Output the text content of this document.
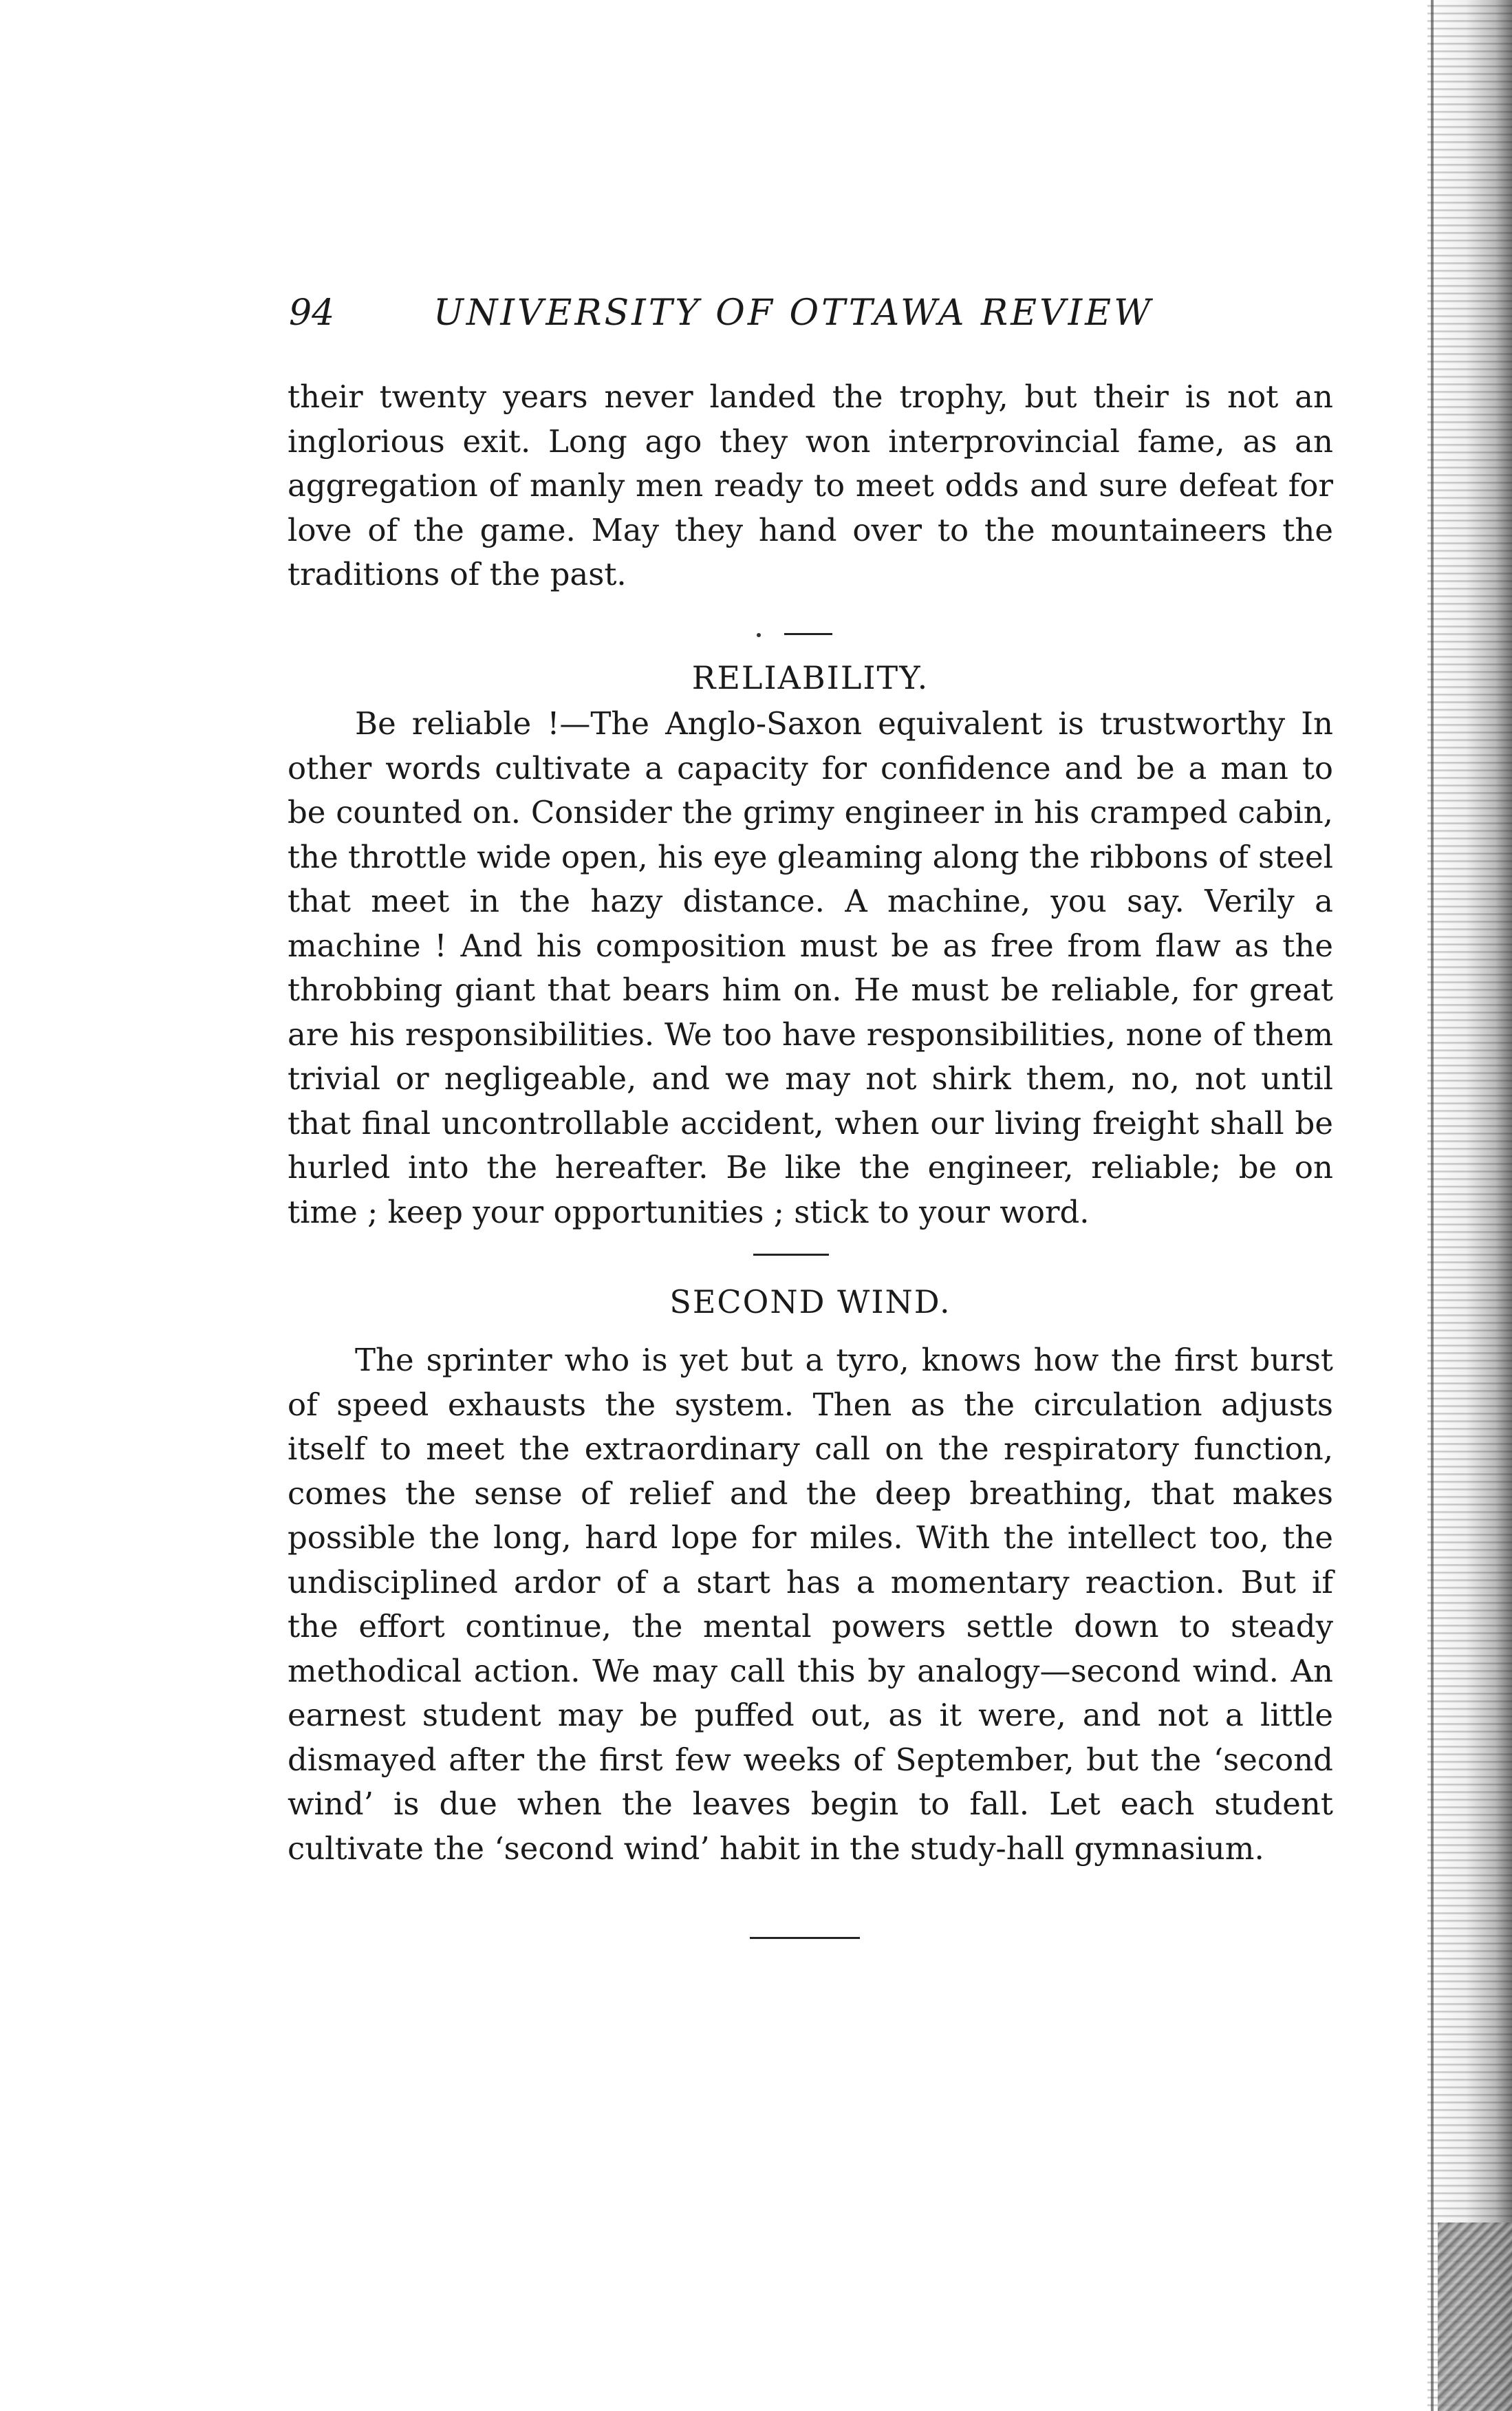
94	UNIVERSITY OF OTTAWA REVIEW

their twenty years never landed the trophy, but their is not an inglorious exit. Long ago they won interprovincial fame, as an aggregation of manly men ready to meet odds and sure defeat for love of the game. May they hand over to the mountaineers the traditions of the past.

RELIABILITY.

Be reliable !—The Anglo-Saxon equivalent is trustworthy In other words cultivate a capacity for confidence and be a man to be counted on. Consider the grimy engineer in his cramped cabin, the throttle wide open, his eye gleaming along the ribbons of steel that meet in the hazy distance. A machine, you say. Verily a machine ! And his composition must be as free from flaw as the throbbing giant that bears him on. He must be reliable, for great are his responsibilities. We too have responsibilities, none of them trivial or negligeable, and we may not shirk them, no, not until that final uncontrollable accident, when our living freight shall be hurled into the hereafter. Be like the engineer, reliable; be on time ; keep your opportunities ; stick to your word.

SECOND WIND.

The sprinter who is yet but a tyro, knows how the first burst of speed exhausts the system. Then as the circulation adjusts itself to meet the extraordinary call on the respiratory function, comes the sense of relief and the deep breathing, that makes possible the long, hard lope for miles. With the intellect too, the undisciplined ardor of a start has a momentary reaction. But if the effort continue, the mental powers settle down to steady methodical action. We may call this by analogy—second wind. An earnest student may be puffed out, as it were, and not a little dismayed after the first few weeks of September, but the ‘second wind’ is due when the leaves begin to fall. Let each student cultivate the ‘second wind’ habit in the study-hall gymnasium.
